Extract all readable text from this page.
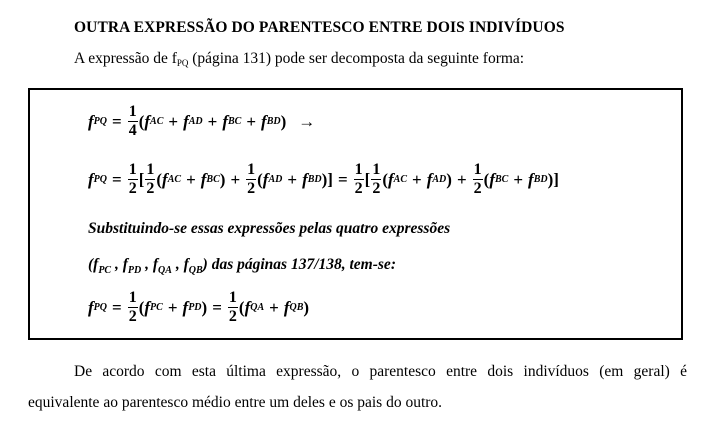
OUTRA EXPRESSÃO DO PARENTESCO ENTRE DOIS INDIVÍDUOS
A expressão de $f_{PQ}$ (página 131) pode ser decomposta da seguinte forma:
f PQ = $\frac{1}{4}$ ( f AC + f AD + f BC + f BD ) →
f PQ = $\frac{1}{2}$ [ $\frac{1}{2}$ ( f AC + f BC ) + $\frac{1}{2}$ ( f AD + f BD )] = $\frac{1}{2}$ [ $\frac{1}{2}$ ( f AC + f AD ) + $\frac{1}{2}$ ( f BC + f BD )]
Substituindo-se essas expressões pelas quatro expressões
($f_{PC}$ , $f_{PD}$ , $f_{QA}$ , $f_{QB}$) das páginas 137/138, tem-se:
f PQ = $\frac{1}{2}$ ( f PC + f PD ) = $\frac{1}{2}$ ( f QA + f QB )
De acordo com esta última expressão, o parentesco entre dois indivíduos (em geral) é
equivalente ao parentesco médio entre um deles e os pais do outro.
